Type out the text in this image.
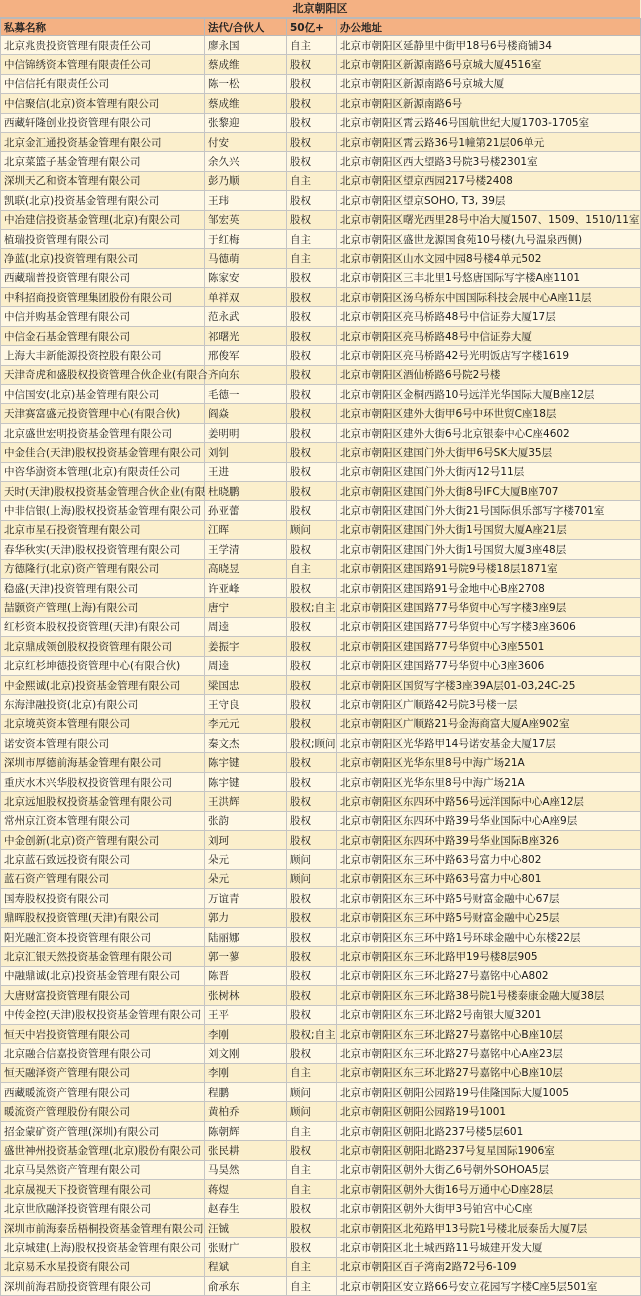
北京朝阳区
私募名称	法代/合伙人	50亿+	办公地址
北京兆贵投资管理有限责任公司	廖永国	自主	北京市朝阳区延静里中街甲18号6号楼商铺34
中信锦绣资本管理有限责任公司	蔡成维	股权	北京市朝阳区新源南路6号京城大厦4516室
中信信托有限责任公司	陈一松	股权	北京市朝阳区新源南路6号京城大厦
中信聚信(北京)资本管理有限公司	蔡成维	股权	北京市朝阳区新源南路6号
西藏轩隆创业投资管理有限公司	张黎迎	股权	北京市朝阳区霄云路46号国航世纪大厦1703-1705室
北京金汇通投资基金管理有限公司	付安	股权	北京市朝阳区霄云路36号1幢第21层06单元
北京菜篮子基金管理有限公司	余久兴	股权	北京市朝阳区西大望路3号院3号楼2301室
深圳天乙和资本管理有限公司	彭乃顺	自主	北京市朝阳区望京西园217号楼2408
凯联(北京)投资基金管理有限公司	王玮	股权	北京市朝阳区望京SOHO, T3, 39层
中冶建信投资基金管理(北京)有限公司	邹宏英	股权	北京市朝阳区曙光西里28号中冶大厦1507、1509、1510/11室
植瑞投资管理有限公司	于红梅	自主	北京市朝阳区盛世龙源国食苑10号楼(九号温泉西侧)
净蓝(北京)投资管理有限公司	马德萌	自主	北京市朝阳区山水文园中园8号楼4单元502
西藏瑞普投资管理有限公司	陈家安	股权	北京市朝阳区三丰北里1号悠唐国际写字楼A座1101
中科招商投资管理集团股份有限公司	单祥双	股权	北京市朝阳区汤乌桥东中国国际科技会展中心A座11层
中信并购基金管理有限公司	范永武	股权	北京市朝阳区亮马桥路48号中信证券大厦17层
中信金石基金管理有限公司	祁曙光	股权	北京市朝阳区亮马桥路48号中信证券大厦
上海大丰新能源投资控股有限公司	邢俊军	股权	北京市朝阳区亮马桥路42号光明饭店写字楼1619
天津奇虎和盛股权投资管理合伙企业(有限合	齐向东	股权	北京市朝阳区酒仙桥路6号院2号楼
中信国安(北京)基金管理有限公司	毛德一	股权	北京市朝阳区金桐西路10号远洋光华国际大厦B座12层
天津赛富盛元投资管理中心(有限合伙)	阎焱	股权	北京市朝阳区建外大街甲6号中环世贸C座18层
北京盛世宏明投资基金管理有限公司	姜明明	股权	北京市朝阳区建外大街6号北京银泰中心C座4602
中金佳合(天津)股权投资基金管理有限公司	刘钊	股权	北京市朝阳区建国门外大街甲6号SK大厦35层
中咨华澍资本管理(北京)有限责任公司	王进	股权	北京市朝阳区建国门外大街丙12号11层
天时(天津)股权投资基金管理合伙企业(有限	杜晓鹏	股权	北京市朝阳区建国门外大街8号IFC大厦B座707
中非信银(上海)股权投资基金管理有限公司	孙亚蕾	股权	北京市朝阳区建国门外大街21号国际俱乐部写字楼701室
北京市星石投资管理有限公司	江晖	顾问	北京市朝阳区建国门外大街1号国贸大厦A座21层
春华秋实(天津)股权投资管理有限公司	王学清	股权	北京市朝阳区建国门外大街1号国贸大厦3座48层
方德隆行(北京)资产管理有限公司	高晓昱	自主	北京市朝阳区建国路91号院9号楼18层1871室
稳盛(天津)投资管理有限公司	许亚峰	股权	北京市朝阳区建国路91号金地中心B座2708
喆颢资产管理(上海)有限公司	唐宁	股权;自主	北京市朝阳区建国路77号华贸中心写字楼3座9层
红杉资本股权投资管理(天津)有限公司	周逵	股权	北京市朝阳区建国路77号华贸中心写字楼3座3606
北京鼎成领创股权投资管理有限公司	姜振宇	股权	北京市朝阳区建国路77号华贸中心3座5501
北京红杉坤德投资管理中心(有限合伙)	周逵	股权	北京市朝阳区建国路77号华贸中心3座3606
中金熙诚(北京)投资基金管理有限公司	梁国忠	股权	北京市朝阳区国贸写字楼3座39A层01-03,24C-25
东海津融投资(北京)有限公司	王守良	股权	北京市朝阳区广顺路42号院3号楼一层
北京境英资本管理有限公司	李元元	股权	北京市朝阳区广顺路21号金海商富大厦A座902室
诺安资本管理有限公司	秦文杰	股权;顾问	北京市朝阳区光华路甲14号诺安基金大厦17层
深圳市厚德前海基金管理有限公司	陈宇键	股权	北京市朝阳区光华东里8号中海广场21A
重庆水木兴华股权投资管理有限公司	陈宇键	股权	北京市朝阳区光华东里8号中海广场21A
北京远旭股权投资基金管理有限公司	王洪辉	股权	北京市朝阳区东四环中路56号远洋国际中心A座12层
常州京江资本管理有限公司	张韵	股权	北京市朝阳区东四环中路39号华业国际中心A座9层
中金创新(北京)资产管理有限公司	刘珂	股权	北京市朝阳区东四环中路39号华业国际B座326
北京蓝石致远投资有限公司	朵元	顾问	北京市朝阳区东三环中路63号富力中心802
蓝石资产管理有限公司	朵元	顾问	北京市朝阳区东三环中路63号富力中心801
国寿股权投资有限公司	万谊青	股权	北京市朝阳区东三环中路5号财富金融中心67层
鼎晖股权投资管理(天津)有限公司	郭力	股权	北京市朝阳区东三环中路5号财富金融中心25层
阳光融汇资本投资管理有限公司	陆丽娜	股权	北京市朝阳区东三环中路1号环球金融中心东楼22层
北京汇银天然投资基金管理有限公司	郭一蓼	股权	北京市朝阳区东三环北路甲19号楼8层905
中融鼎诚(北京)投资基金管理有限公司	陈晋	股权	北京市朝阳区东三环北路27号嘉铭中心A802
大唐财富投资管理有限公司	张树林	股权	北京市朝阳区东三环北路38号院1号楼泰康金融大厦38层
中传金控(天津)股权投资基金管理有限公司	王平	股权	北京市朝阳区东三环北路2号南银大厦3201
恒天中岩投资管理有限公司	李刚	股权;自主	北京市朝阳区东三环北路27号嘉铭中心B座10层
北京融合信嘉投资管理有限公司	刘文刚	股权	北京市朝阳区东三环北路27号嘉铭中心A座23层
恒天融泽资产管理有限公司	李刚	自主	北京市朝阳区东三环北路27号嘉铭中心B座10层
西藏暖流资产管理有限公司	程鹏	顾问	北京市朝阳区朝阳公园路19号佳隆国际大厦1005
暖流资产管理股份有限公司	黄柏乔	顾问	北京市朝阳区朝阳公园路19号1001
招金蒙矿资产管理(深圳)有限公司	陈朝辉	自主	北京市朝阳区朝阳北路237号楼5层601
盛世神州投资基金管理(北京)股份有限公司	张民耕	股权	北京市朝阳区朝阳北路237号复星国际1906室
北京马昊然资产管理有限公司	马昊然	自主	北京市朝阳区朝外大街乙6号朝外SOHOA5层
北京晟视天下投资管理有限公司	蒋煜	自主	北京市朝阳区朝外大街16号万通中心D座28层
北京世欣融泽投资管理有限公司	赵春生	股权	北京市朝阳区朝外大街甲3号铂宫中心C座
深圳市前海泰岳梧桐投资基金管理有限公司	汪铖	股权	北京市朝阳区北苑路甲13号院1号楼北辰泰岳大厦7层
北京城建(上海)股权投资基金管理有限公司	张财广	股权	北京市朝阳区北土城西路11号城建开发大厦
北京易禾水星投资有限公司	程斌	自主	北京市朝阳区百子湾南2路72号6-109
深圳前海君励投资管理有限公司	俞承东	自主	北京市朝阳区安立路66号安立花园写字楼C座5层501室
